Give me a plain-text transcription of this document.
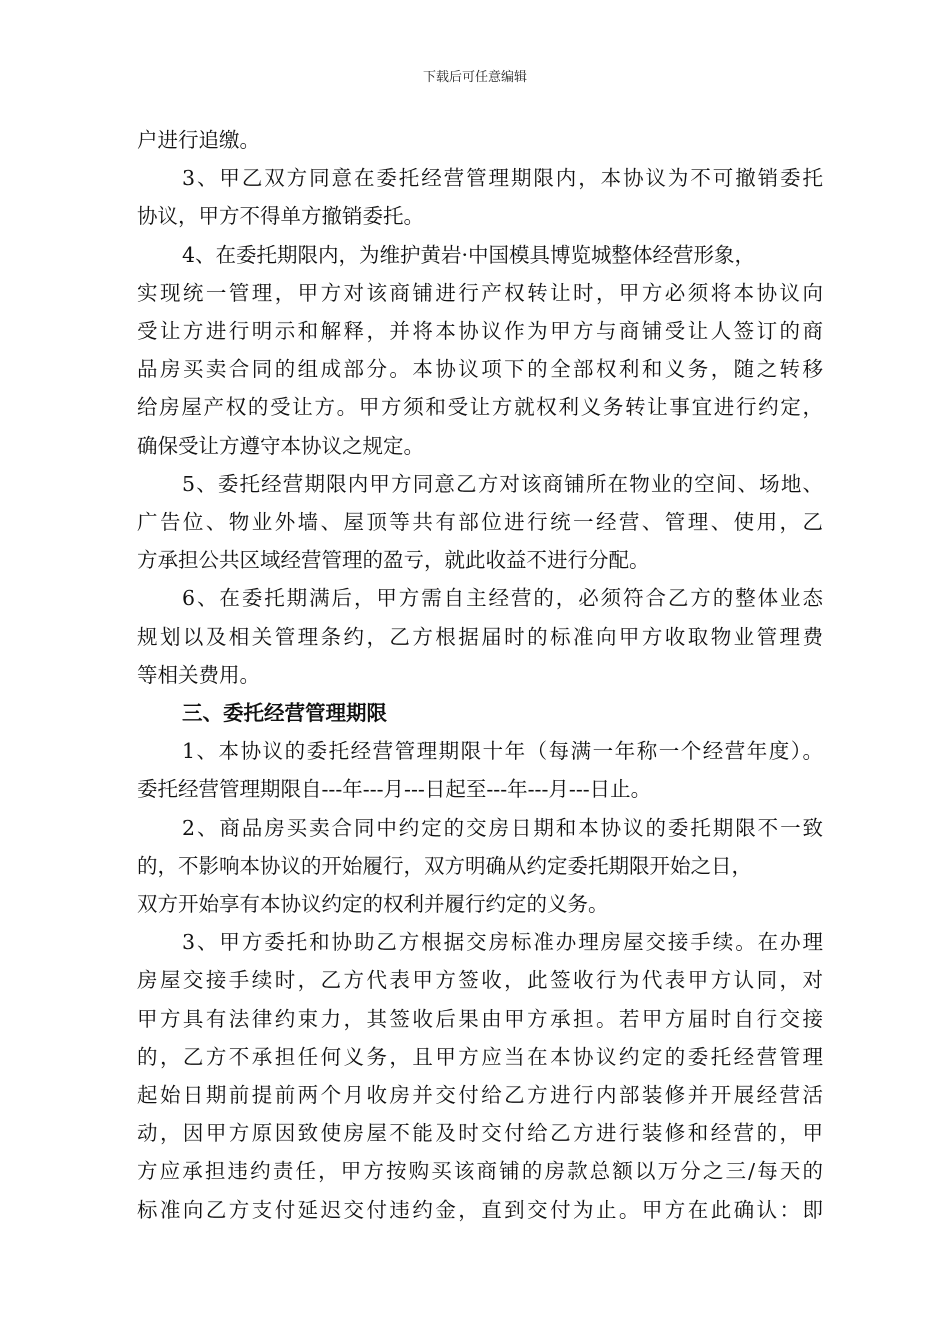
下载后可任意编辑
户进行追缴。
3、甲乙双方同意在委托经营管理期限内，本协议为不可撤销委托
协议，甲方不得单方撤销委托。
4、在委托期限内，为维护黄岩·中国模具博览城整体经营形象，
实现统一管理，甲方对该商铺进行产权转让时，甲方必须将本协议向
受让方进行明示和解释，并将本协议作为甲方与商铺受让人签订的商
品房买卖合同的组成部分。本协议项下的全部权利和义务，随之转移
给房屋产权的受让方。甲方须和受让方就权利义务转让事宜进行约定，
确保受让方遵守本协议之规定。
5、委托经营期限内甲方同意乙方对该商铺所在物业的空间、场地、
广告位、物业外墙、屋顶等共有部位进行统一经营、管理、使用，乙
方承担公共区域经营管理的盈亏，就此收益不进行分配。
6、在委托期满后，甲方需自主经营的，必须符合乙方的整体业态
规划以及相关管理条约，乙方根据届时的标准向甲方收取物业管理费
等相关费用。
三、委托经营管理期限
1、本协议的委托经营管理期限十年（每满一年称一个经营年度）。
委托经营管理期限自---年---月---日起至---年---月---日止。
2、商品房买卖合同中约定的交房日期和本协议的委托期限不一致
的，不影响本协议的开始履行，双方明确从约定委托期限开始之日，
双方开始享有本协议约定的权利并履行约定的义务。
3、甲方委托和协助乙方根据交房标准办理房屋交接手续。在办理
房屋交接手续时，乙方代表甲方签收，此签收行为代表甲方认同，对
甲方具有法律约束力，其签收后果由甲方承担。若甲方届时自行交接
的，乙方不承担任何义务，且甲方应当在本协议约定的委托经营管理
起始日期前提前两个月收房并交付给乙方进行内部装修并开展经营活
动，因甲方原因致使房屋不能及时交付给乙方进行装修和经营的，甲
方应承担违约责任，甲方按购买该商铺的房款总额以万分之三/每天的
标准向乙方支付延迟交付违约金，直到交付为止。甲方在此确认：即
